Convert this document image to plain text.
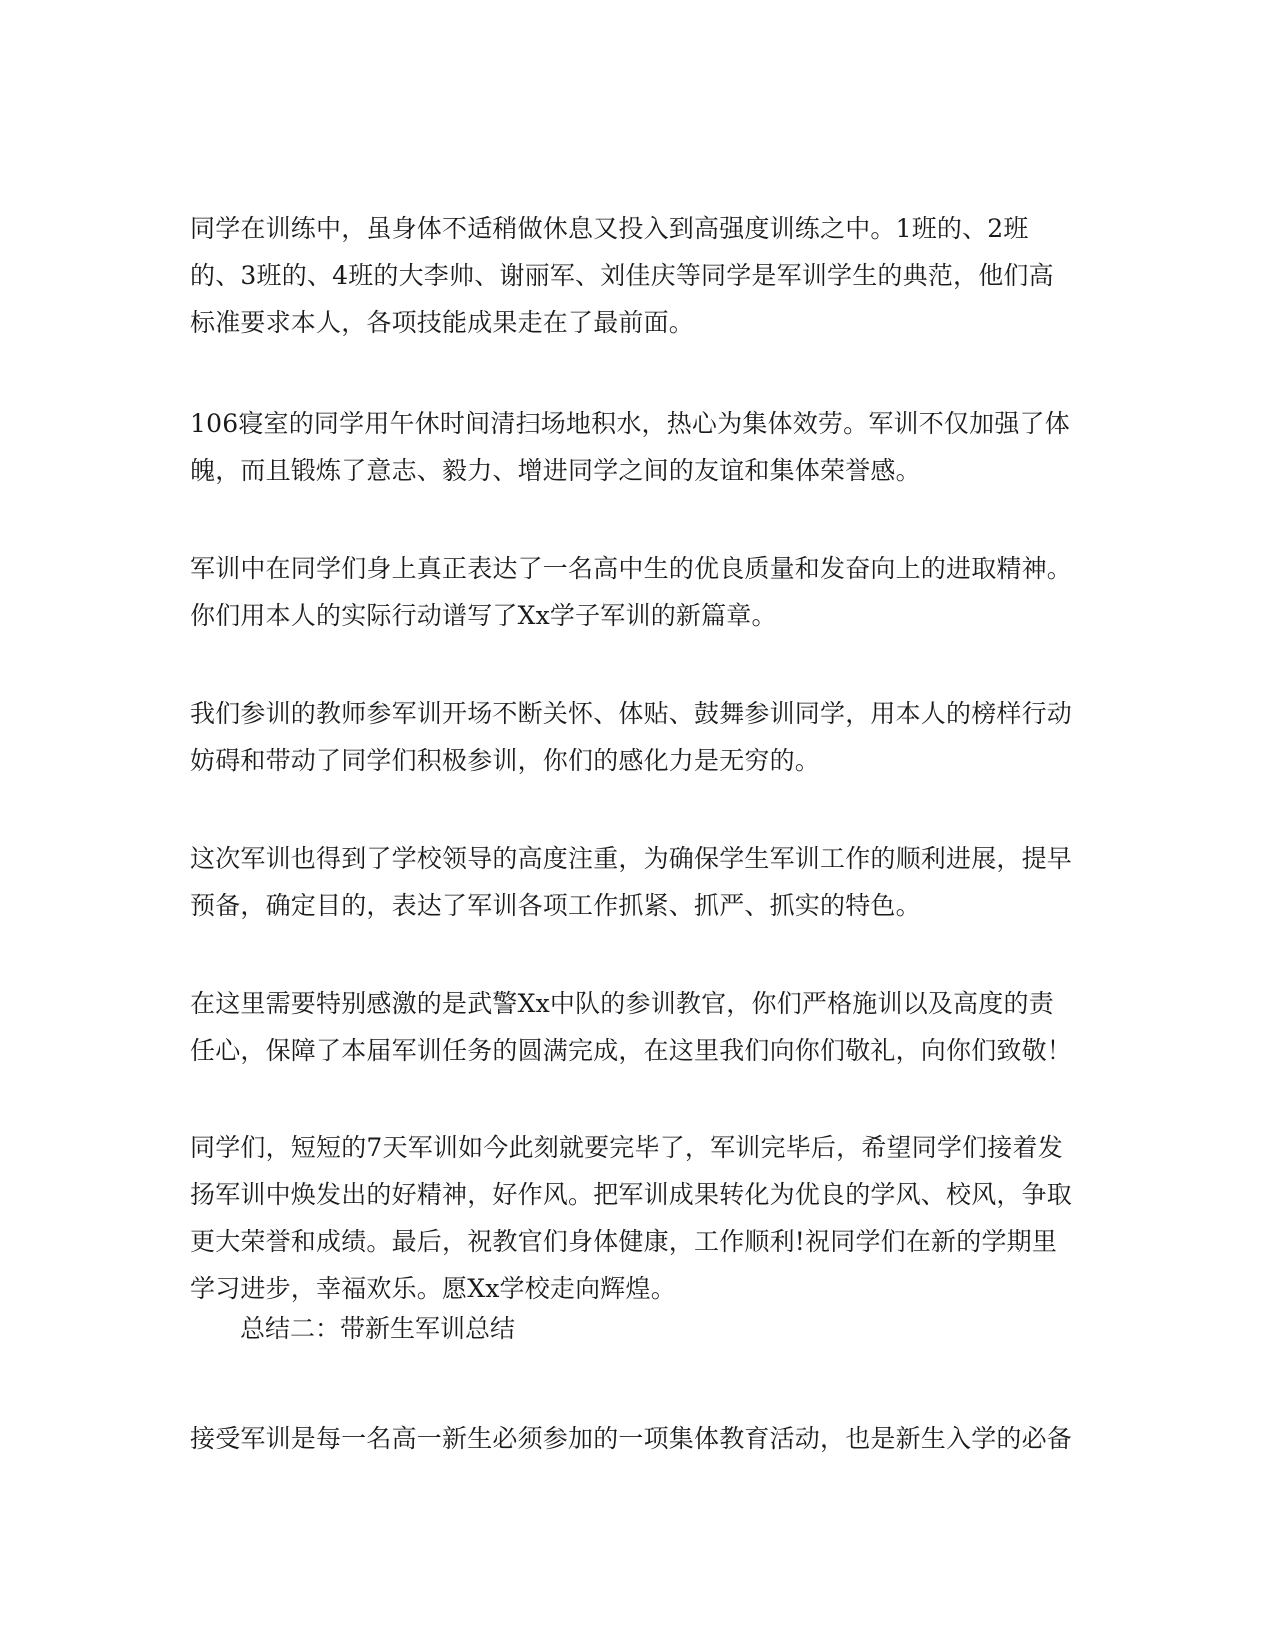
同学在训练中，虽身体不适稍做休息又投入到高强度训练之中。1班的、2班的、3班的、4班的大李帅、谢丽军、刘佳庆等同学是军训学生的典范，他们高标准要求本人，各项技能成果走在了最前面。

106寝室的同学用午休时间清扫场地积水，热心为集体效劳。军训不仅加强了体魄，而且锻炼了意志、毅力、增进同学之间的友谊和集体荣誉感。

军训中在同学们身上真正表达了一名高中生的优良质量和发奋向上的进取精神。你们用本人的实际行动谱写了Xx学子军训的新篇章。

我们参训的教师参军训开场不断关怀、体贴、鼓舞参训同学，用本人的榜样行动妨碍和带动了同学们积极参训，你们的感化力是无穷的。

这次军训也得到了学校领导的高度注重，为确保学生军训工作的顺利进展，提早预备，确定目的，表达了军训各项工作抓紧、抓严、抓实的特色。

在这里需要特别感激的是武警Xx中队的参训教官，你们严格施训以及高度的责任心，保障了本届军训任务的圆满完成，在这里我们向你们敬礼，向你们致敬！

同学们，短短的7天军训如今此刻就要完毕了，军训完毕后，希望同学们接着发扬军训中焕发出的好精神，好作风。把军训成果转化为优良的学风、校风，争取更大荣誉和成绩。最后，祝教官们身体健康，工作顺利!祝同学们在新的学期里学习进步，幸福欢乐。愿Xx学校走向辉煌。

总结二：带新生军训总结

接受军训是每一名高一新生必须参加的一项集体教育活动，也是新生入学的必备
